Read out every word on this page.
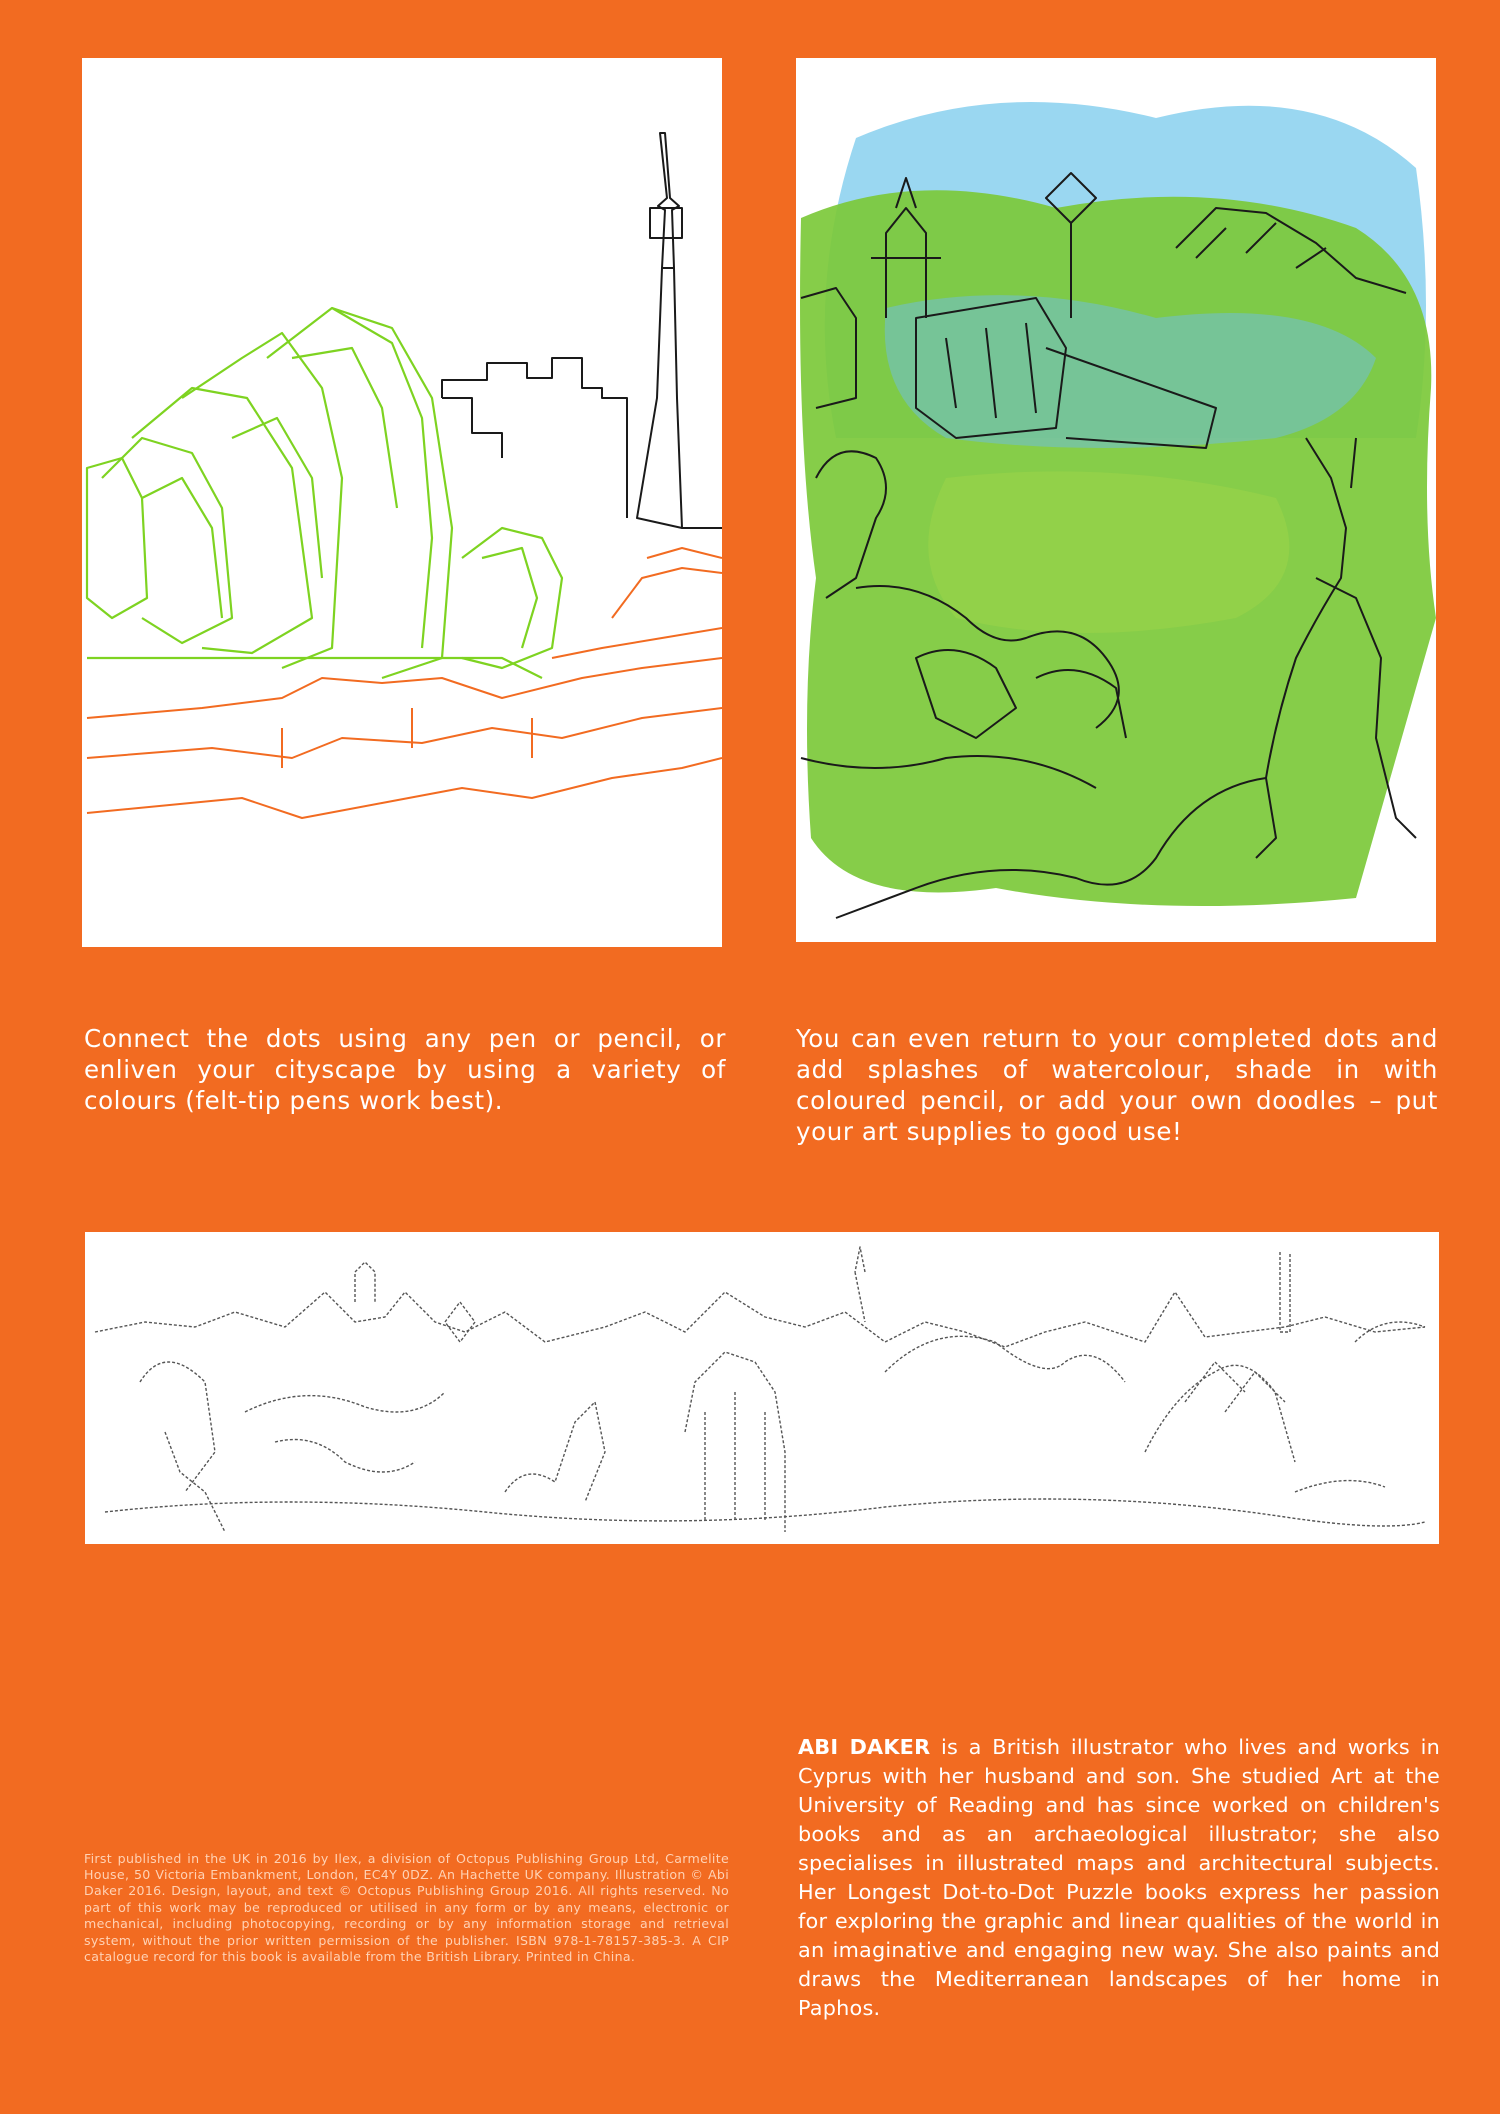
Connect the dots using any pen or pencil, or enliven your cityscape by using a variety of colours (felt-tip pens work best).

You can even return to your completed dots and add splashes of watercolour, shade in with coloured pencil, or add your own doodles – put your art supplies to good use!

First published in the UK in 2016 by Ilex, a division of Octopus Publishing Group Ltd, Carmelite House, 50 Victoria Embankment, London, EC4Y 0DZ. An Hachette UK company. Illustration © Abi Daker 2016. Design, layout, and text © Octopus Publishing Group 2016. All rights reserved. No part of this work may be reproduced or utilised in any form or by any means, electronic or mechanical, including photocopying, recording or by any information storage and retrieval system, without the prior written permission of the publisher. ISBN 978-1-78157-385-3. A CIP catalogue record for this book is available from the British Library. Printed in China.

ABI DAKER is a British illustrator who lives and works in Cyprus with her husband and son. She studied Art at the University of Reading and has since worked on children's books and as an archaeological illustrator; she also specialises in illustrated maps and architectural subjects. Her Longest Dot-to-Dot Puzzle books express her passion for exploring the graphic and linear qualities of the world in an imaginative and engaging new way. She also paints and draws the Mediterranean landscapes of her home in Paphos.
